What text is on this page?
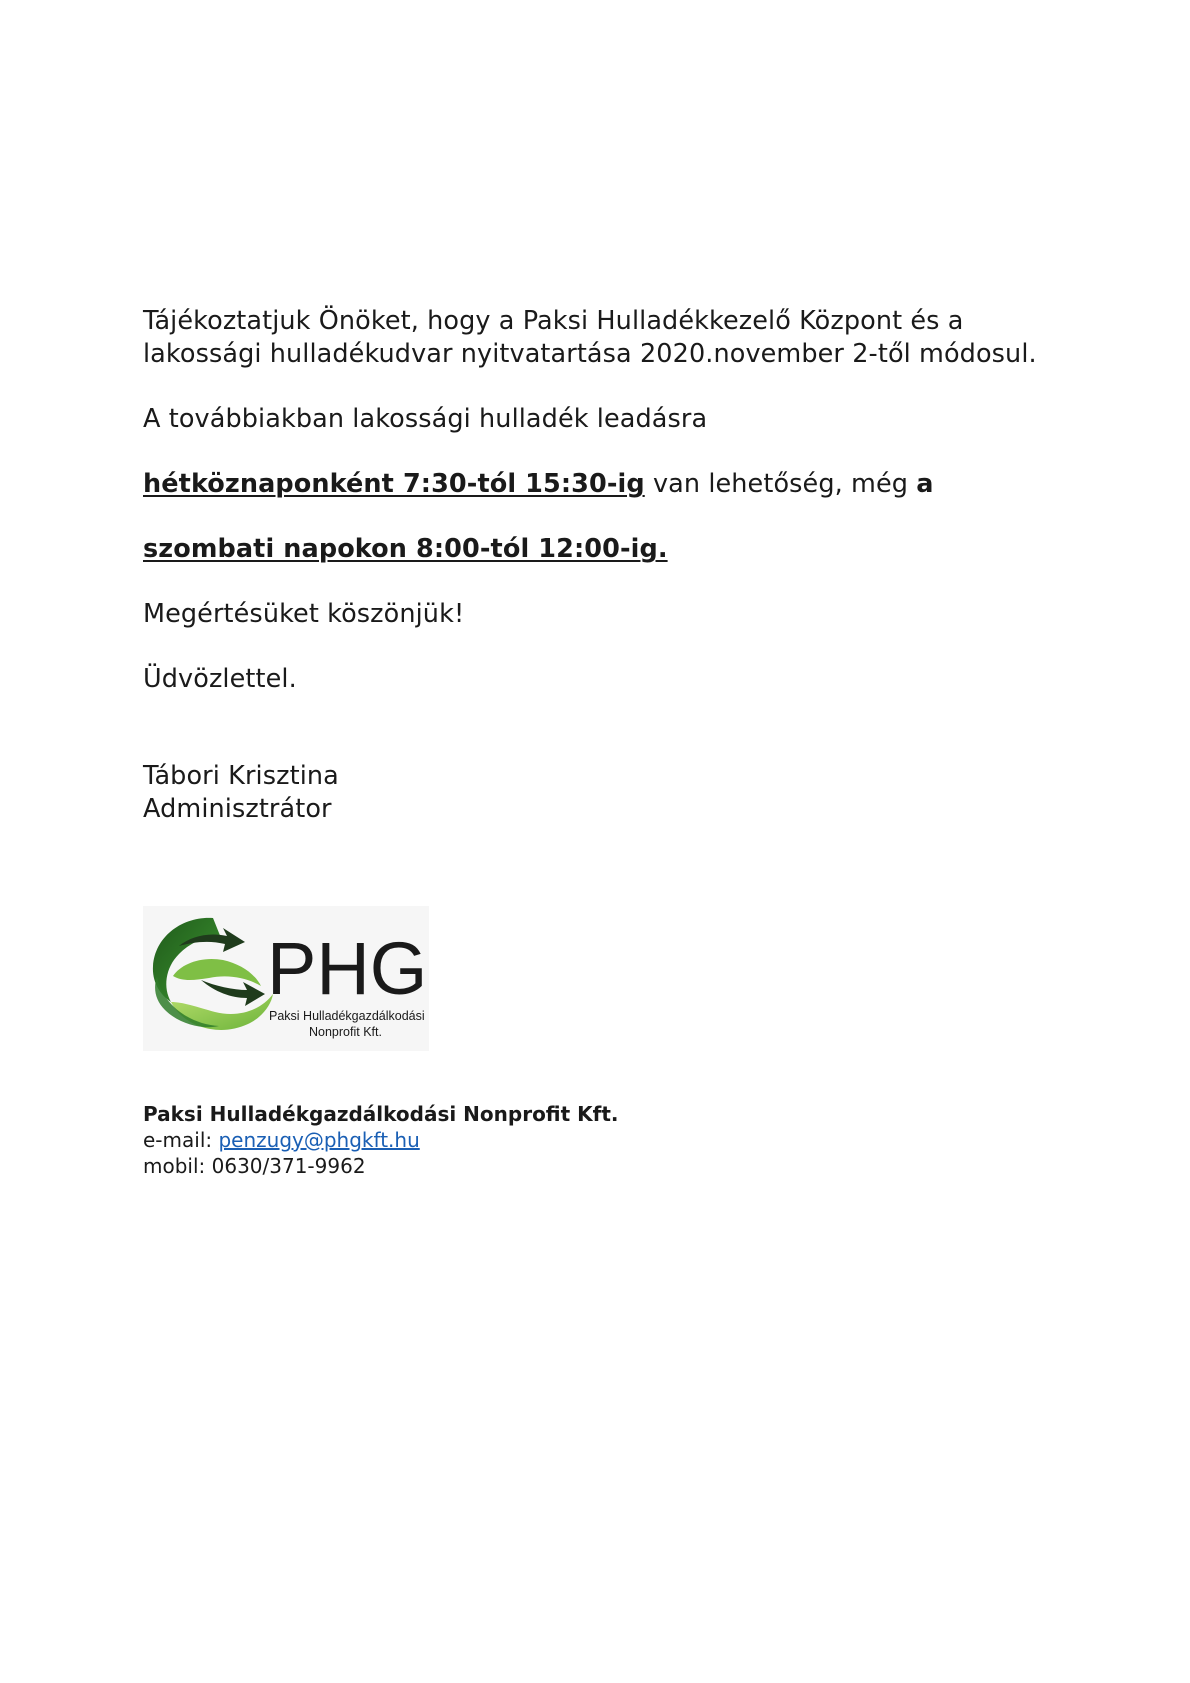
Tájékoztatjuk Önöket, hogy a Paksi Hulladékkezelő Központ és a

lakossági hulladékudvar nyitvatartása 2020.november 2-től módosul.

A továbbiakban lakossági hulladék leadásra

hétköznaponként 7:30-tól 15:30-ig van lehetőség, még a

szombati napokon 8:00-tól 12:00-ig.

Megértésüket köszönjük!

Üdvözlettel.

Tábori Krisztina

Adminisztrátor

PHG
Paksi Hulladékgazdálkodási
Nonprofit Kft.
Paksi Hulladékgazdálkodási Nonprofit Kft.
e-mail: penzugy@phgkft.hu
mobil: 0630/371-9962
